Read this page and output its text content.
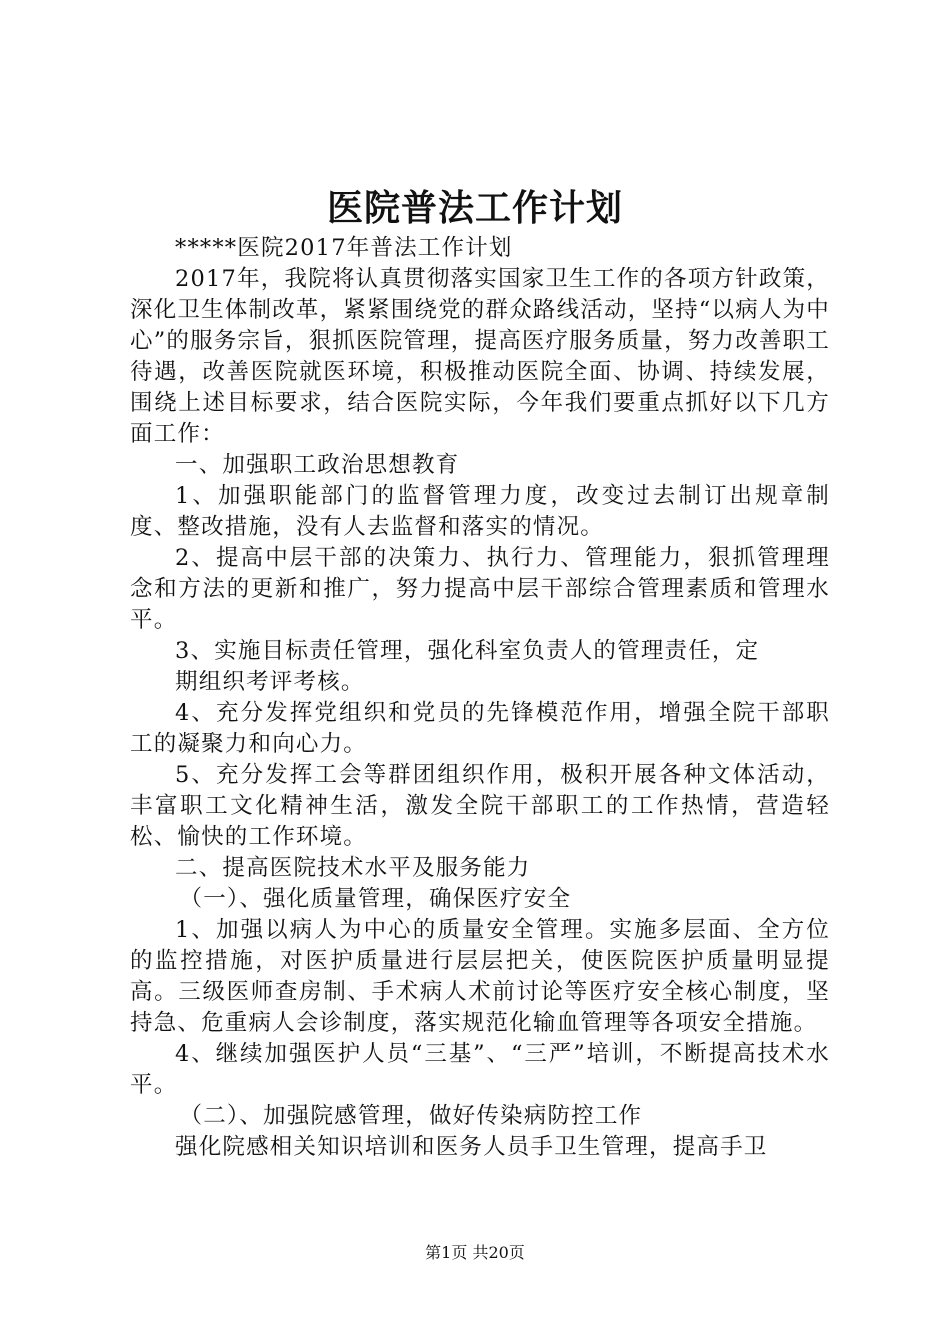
医院普法工作计划

*****医院2017年普法工作计划

2017年，我院将认真贯彻落实国家卫生工作的各项方针政策，深化卫生体制改革，紧紧围绕党的群众路线活动，坚持“以病人为中心”的服务宗旨，狠抓医院管理，提高医疗服务质量，努力改善职工待遇，改善医院就医环境，积极推动医院全面、协调、持续发展，围绕上述目标要求，结合医院实际，今年我们要重点抓好以下几方面工作：

一、加强职工政治思想教育

1、加强职能部门的监督管理力度，改变过去制订出规章制度、整改措施，没有人去监督和落实的情况。

2、提高中层干部的决策力、执行力、管理能力，狠抓管理理念和方法的更新和推广，努力提高中层干部综合管理素质和管理水平。

3、实施目标责任管理，强化科室负责人的管理责任，定

期组织考评考核。

4、充分发挥党组织和党员的先锋模范作用，增强全院干部职工的凝聚力和向心力。

5、充分发挥工会等群团组织作用，极积开展各种文体活动，丰富职工文化精神生活，激发全院干部职工的工作热情，营造轻松、愉快的工作环境。

二、提高医院技术水平及服务能力

（一）、强化质量管理，确保医疗安全

1、加强以病人为中心的质量安全管理。实施多层面、全方位的监控措施，对医护质量进行层层把关，使医院医护质量明显提高。三级医师查房制、手术病人术前讨论等医疗安全核心制度，坚持急、危重病人会诊制度，落实规范化输血管理等各项安全措施。

4、继续加强医护人员“三基”、“三严”培训，不断提高技术水平。

（二）、加强院感管理，做好传染病防控工作

强化院感相关知识培训和医务人员手卫生管理，提高手卫

第1页 共20页
